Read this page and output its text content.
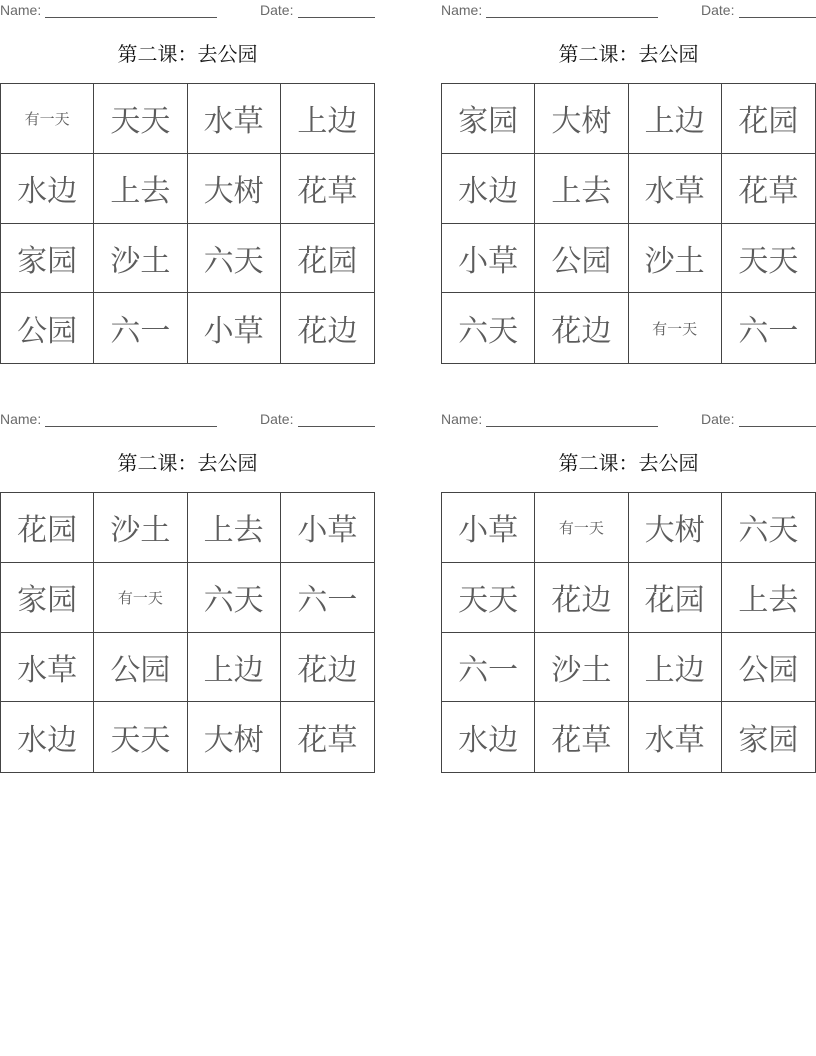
Name:	Date:
第二课：去公园
有一天	天天	水草	上边
水边	上去	大树	花草
家园	沙土	六天	花园
公园	六一	小草	花边
Name:	Date:
第二课：去公园
家园	大树	上边	花园
水边	上去	水草	花草
小草	公园	沙土	天天
六天	花边	有一天	六一
Name:	Date:
第二课：去公园
花园	沙土	上去	小草
家园	有一天	六天	六一
水草	公园	上边	花边
水边	天天	大树	花草
Name:	Date:
第二课：去公园
小草	有一天	大树	六天
天天	花边	花园	上去
六一	沙土	上边	公园
水边	花草	水草	家园
